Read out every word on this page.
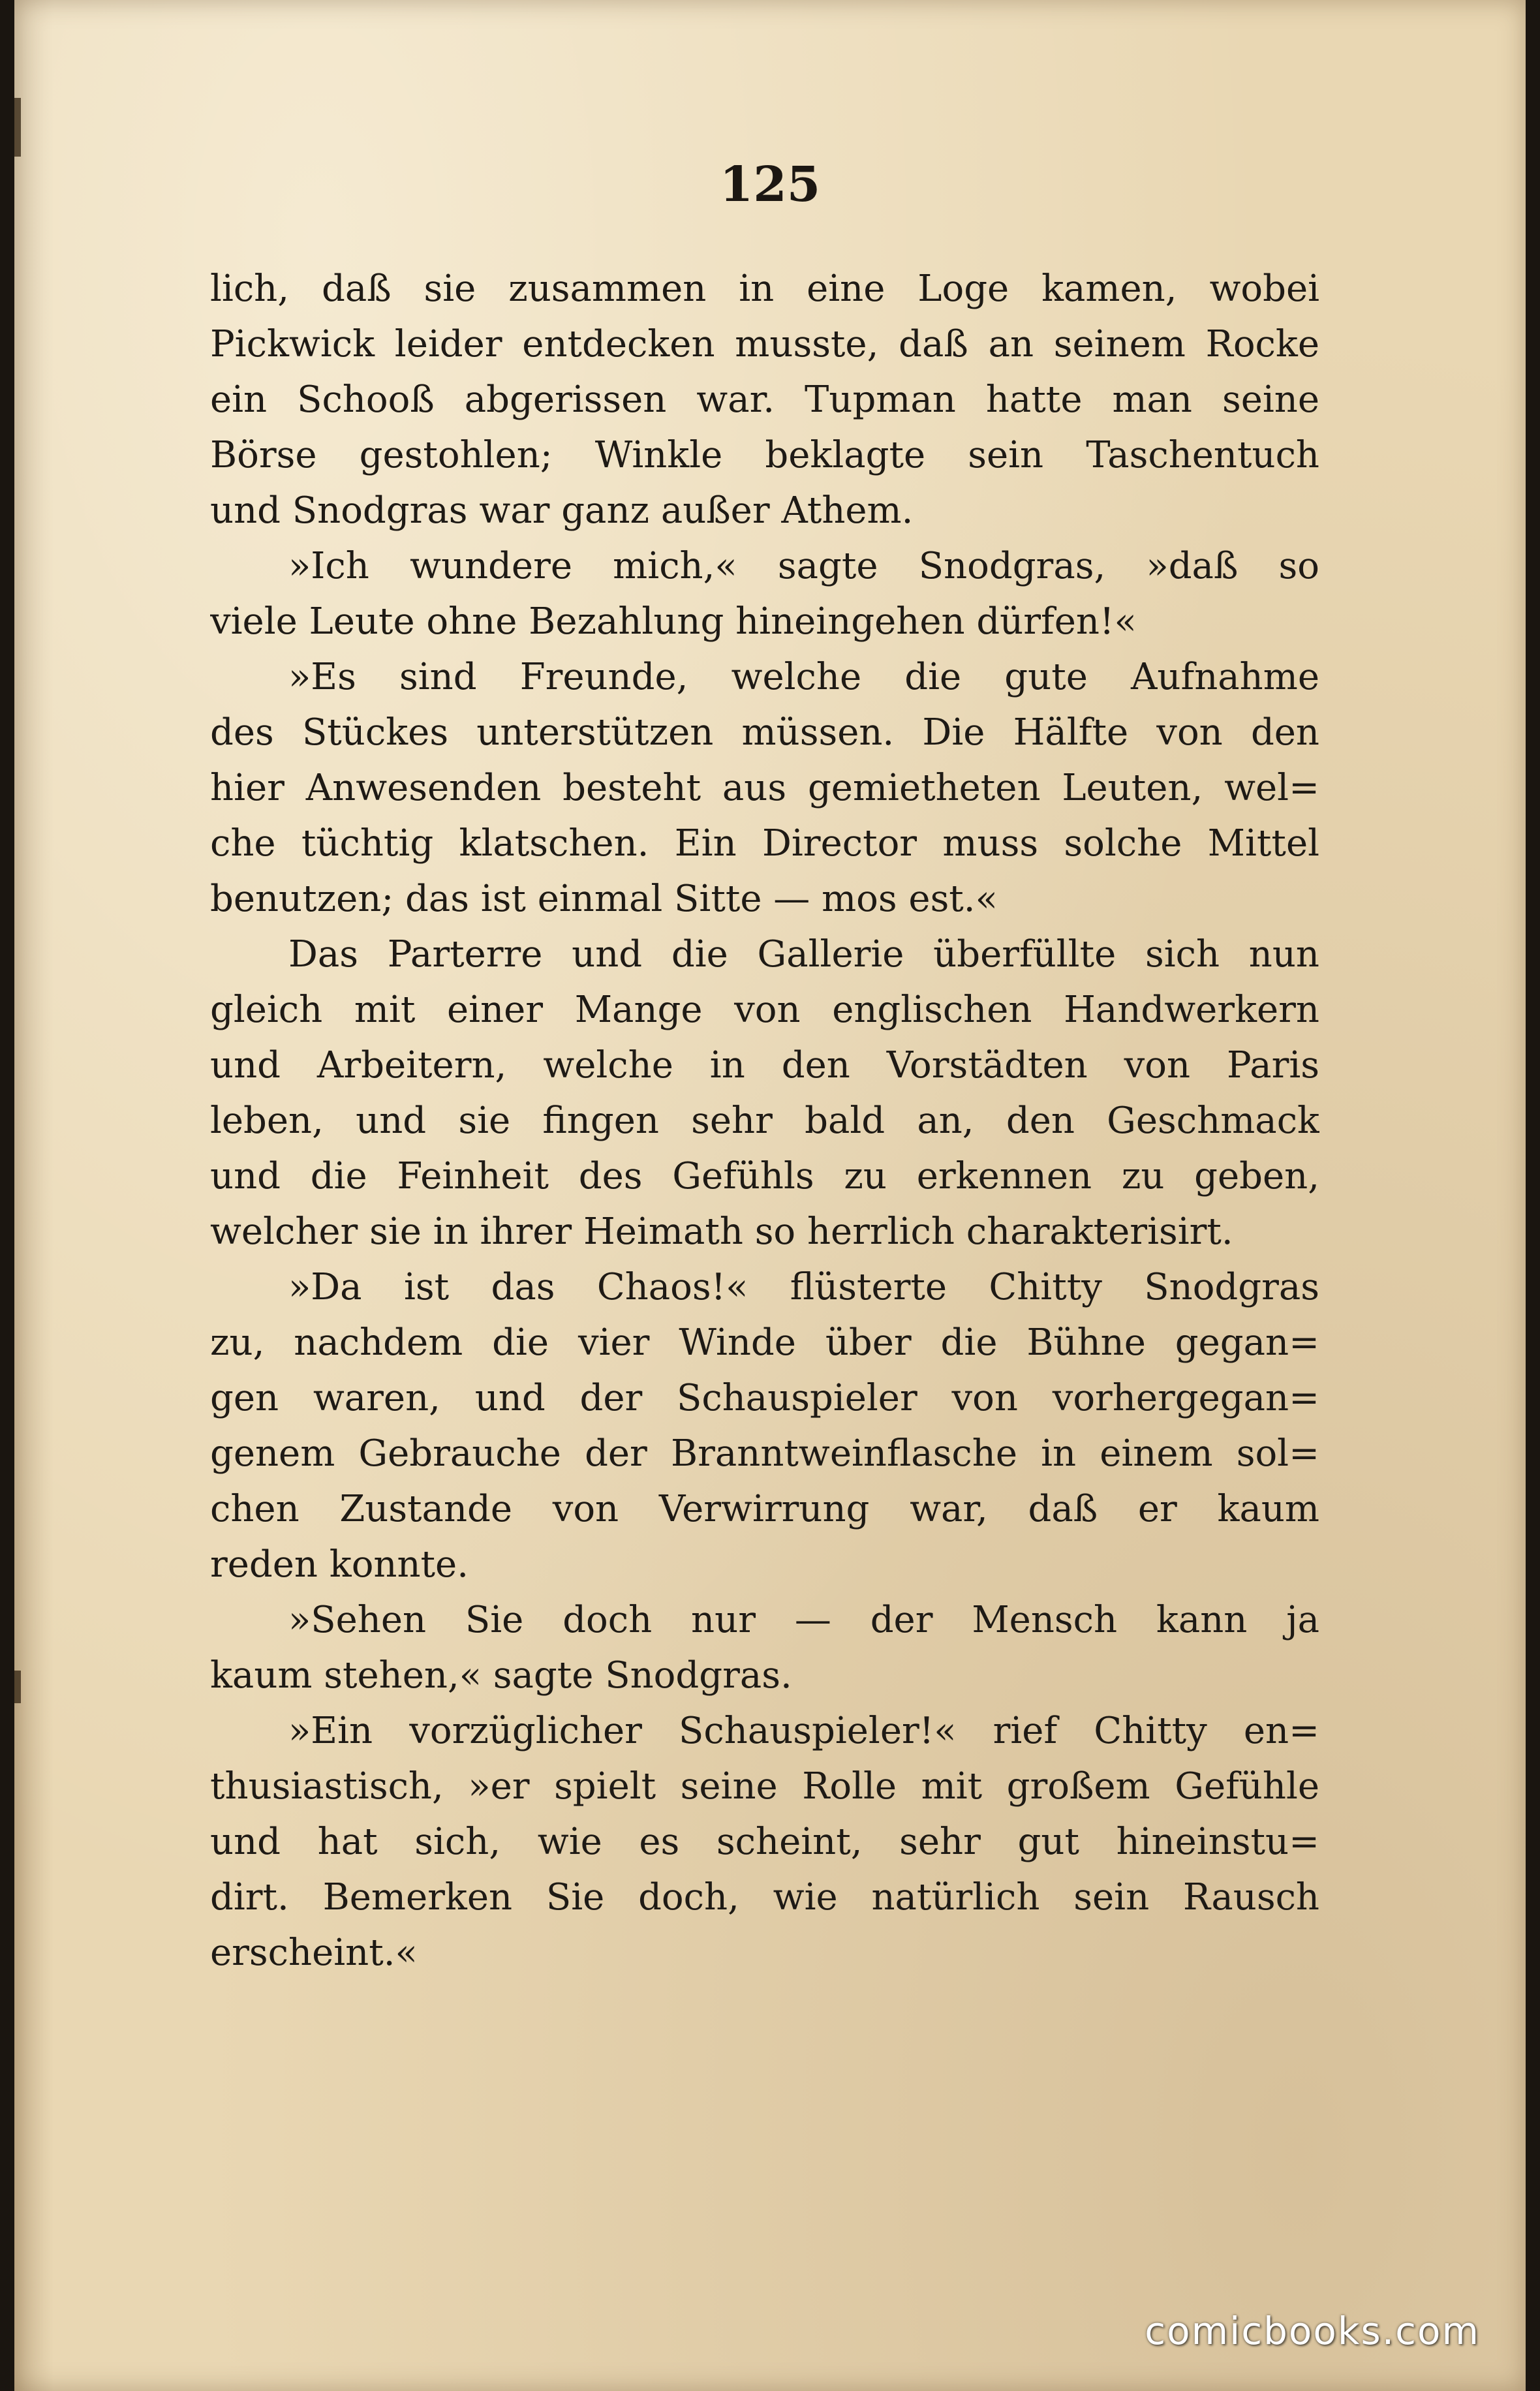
125
lich, daß sie zusammen in eine Loge kamen, wobei
Pickwick leider entdecken musste, daß an seinem Rocke
ein Schooß abgerissen war. Tupman hatte man seine
Börse gestohlen; Winkle beklagte sein Taschentuch
und Snodgras war ganz außer Athem.
»Ich wundere mich,« sagte Snodgras, »daß so
viele Leute ohne Bezahlung hineingehen dürfen!«
»Es sind Freunde, welche die gute Aufnahme
des Stückes unterstützen müssen. Die Hälfte von den
hier Anwesenden besteht aus gemietheten Leuten, wel=
che tüchtig klatschen. Ein Director muss solche Mittel
benutzen; das ist einmal Sitte — mos est.«
Das Parterre und die Gallerie überfüllte sich nun
gleich mit einer Mange von englischen Handwerkern
und Arbeitern, welche in den Vorstädten von Paris
leben, und sie fingen sehr bald an, den Geschmack
und die Feinheit des Gefühls zu erkennen zu geben,
welcher sie in ihrer Heimath so herrlich charakterisirt.
»Da ist das Chaos!« flüsterte Chitty Snodgras
zu, nachdem die vier Winde über die Bühne gegan=
gen waren, und der Schauspieler von vorhergegan=
genem Gebrauche der Branntweinflasche in einem sol=
chen Zustande von Verwirrung war, daß er kaum
reden konnte.
»Sehen Sie doch nur — der Mensch kann ja
kaum stehen,« sagte Snodgras.
»Ein vorzüglicher Schauspieler!« rief Chitty en=
thusiastisch, »er spielt seine Rolle mit großem Gefühle
und hat sich, wie es scheint, sehr gut hineinstu=
dirt. Bemerken Sie doch, wie natürlich sein Rausch
erscheint.«
comicbooks.com
